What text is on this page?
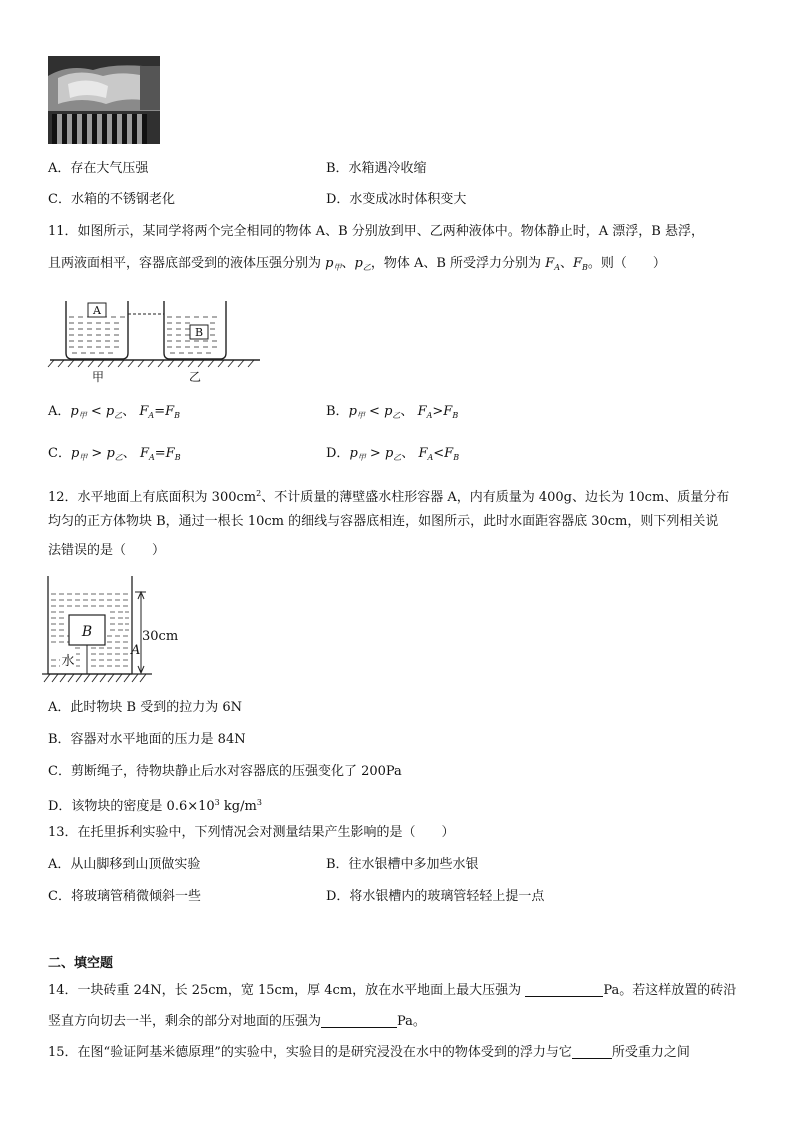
A．存在大气压强	B．水箱遇冷收缩
C．水箱的不锈钢老化	D．水变成冰时体积变大
11．如图所示，某同学将两个完全相同的物体 A、B 分别放到甲、乙两种液体中。物体静止时，A 漂浮，B 悬浮，
且两液面相平，容器底部受到的液体压强分别为 $p_甲$、$p_乙$，物体 A、B 所受浮力分别为 $F_A$、$F_B$。则（　　）
A
B
甲	乙
A．$p_甲 < p_乙$、 $F_A=F_B$	B．$p_甲 < p_乙$、 $F_A>F_B$
C．$p_甲 > p_乙$、 $F_A=F_B$	D．$p_甲 > p_乙$、 $F_A<F_B$
12．水平地面上有底面积为 $300cm^2$、不计质量的薄壁盛水柱形容器 A，内有质量为 400g、边长为 10cm、质量分布
均匀的正方体物块 B，通过一根长 10cm 的细线与容器底相连，如图所示，此时水面距容器底 30cm，则下列相关说
法错误的是（　　）
B
水
30cm
A
A．此时物块 B 受到的拉力为 6N
B．容器对水平地面的压力是 84N
C．剪断绳子，待物块静止后水对容器底的压强变化了 200Pa
D．该物块的密度是 $0.6\times 10^3$ $kg/m^3$
13．在托里拆利实验中，下列情况会对测量结果产生影响的是（　　）
A．从山脚移到山顶做实验	B．往水银槽中多加些水银
C．将玻璃管稍微倾斜一些	D．将水银槽内的玻璃管轻轻上提一点
二、填空题
14．一块砖重 24N，长 25cm，宽 15cm，厚 4cm，放在水平地面上最大压强为	Pa。若这样放置的砖沿
竖直方向切去一半，剩余的部分对地面的压强为	Pa。
15．在图“验证阿基米德原理”的实验中，实验目的是研究浸没在水中的物体受到的浮力与它	所受重力之间
